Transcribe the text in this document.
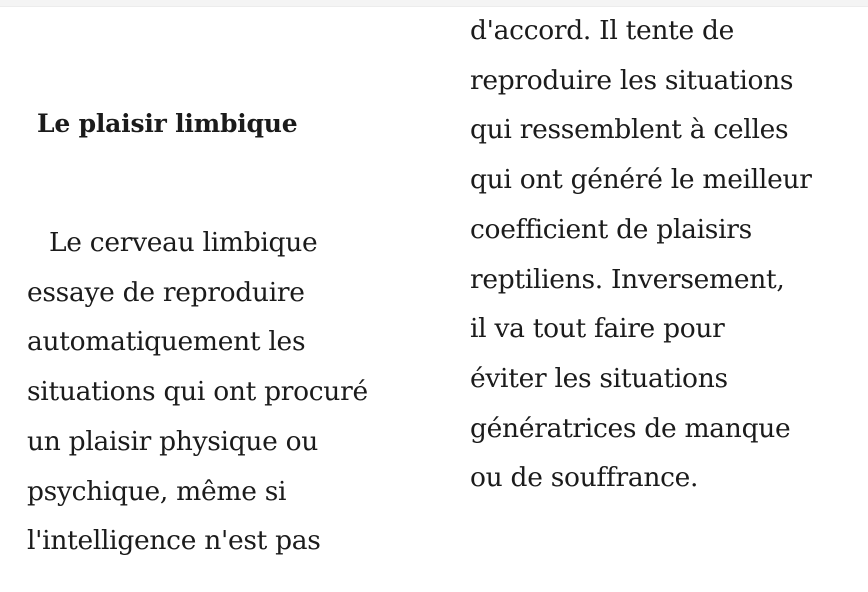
Le plaisir limbique
Le cerveau limbique
essaye de reproduire
automatiquement les
situations qui ont procuré
un plaisir physique ou
psychique, même si
l'intelligence n'est pas
d'accord. Il tente de
reproduire les situations
qui ressemblent à celles
qui ont généré le meilleur
coefficient de plaisirs
reptiliens. Inversement,
il va tout faire pour
éviter les situations
génératrices de manque
ou de souffrance.
